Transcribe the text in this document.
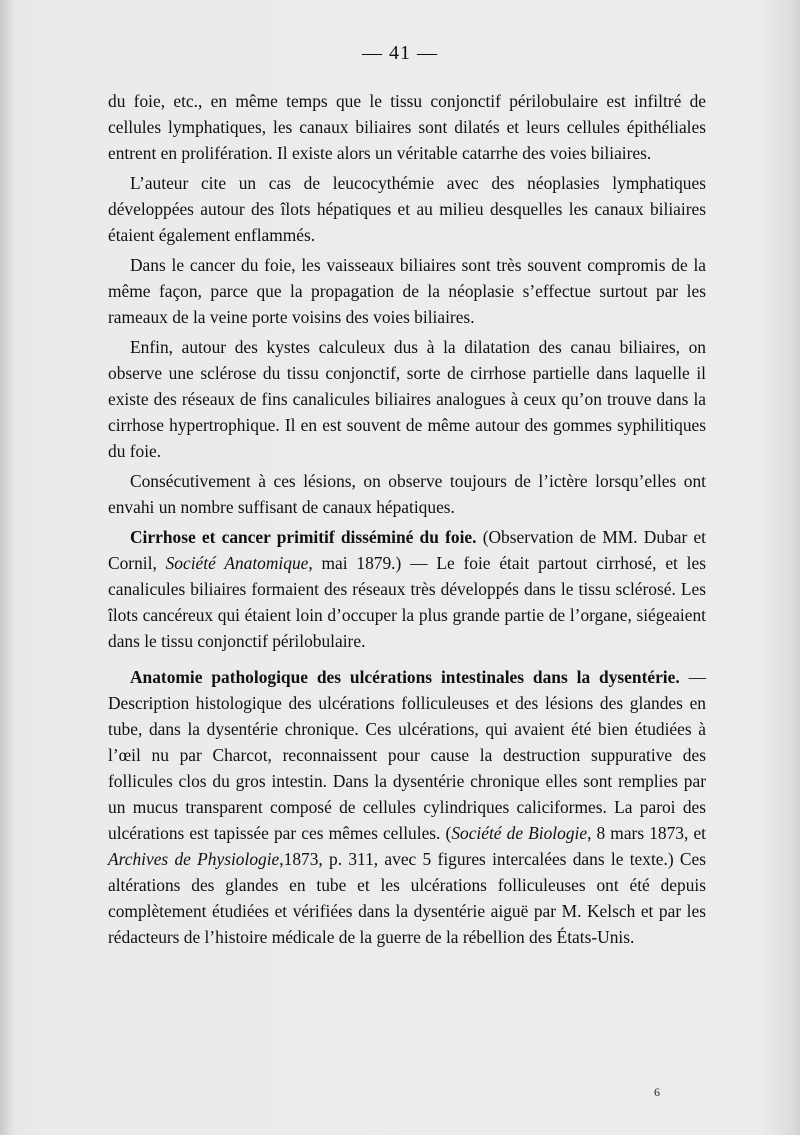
— 41 —

du foie, etc., en même temps que le tissu conjonctif périlobulaire est infiltré de cellules lymphatiques, les canaux biliaires sont dilatés et leurs cellules épithéliales entrent en prolifération. Il existe alors un véritable catarrhe des voies biliaires.

L’auteur cite un cas de leucocythémie avec des néoplasies lymphatiques développées autour des îlots hépatiques et au milieu desquelles les canaux biliaires étaient également enflammés.

Dans le cancer du foie, les vaisseaux biliaires sont très souvent compromis de la même façon, parce que la propagation de la néoplasie s’effectue surtout par les rameaux de la veine porte voisins des voies biliaires.

Enfin, autour des kystes calculeux dus à la dilatation des canau biliaires, on observe une sclérose du tissu conjonctif, sorte de cirrhose partielle dans laquelle il existe des réseaux de fins canalicules biliaires analogues à ceux qu’on trouve dans la cirrhose hypertrophique. Il en est souvent de même autour des gommes syphilitiques du foie.

Consécutivement à ces lésions, on observe toujours de l’ictère lorsqu’elles ont envahi un nombre suffisant de canaux hépatiques.

Cirrhose et cancer primitif disséminé du foie. (Observation de MM. Dubar et Cornil, Société Anatomique, mai 1879.) — Le foie était partout cirrhosé, et les canalicules biliaires formaient des réseaux très développés dans le tissu sclérosé. Les îlots cancéreux qui étaient loin d’occuper la plus grande partie de l’organe, siégeaient dans le tissu conjonctif périlobulaire.

Anatomie pathologique des ulcérations intestinales dans la dysentérie. — Description histologique des ulcérations folliculeuses et des lésions des glandes en tube, dans la dysentérie chronique. Ces ulcérations, qui avaient été bien étudiées à l’œil nu par Charcot, reconnaissent pour cause la destruction suppurative des follicules clos du gros intestin. Dans la dysentérie chronique elles sont remplies par un mucus transparent composé de cellules cylindriques caliciformes. La paroi des ulcérations est tapissée par ces mêmes cellules. (Société de Biologie, 8 mars 1873, et Archives de Physiologie,1873, p. 311, avec 5 figures intercalées dans le texte.) Ces altérations des glandes en tube et les ulcérations folliculeuses ont été depuis complètement étudiées et vérifiées dans la dysentérie aiguë par M. Kelsch et par les rédacteurs de l’histoire médicale de la guerre de la rébellion des États-Unis.

6
